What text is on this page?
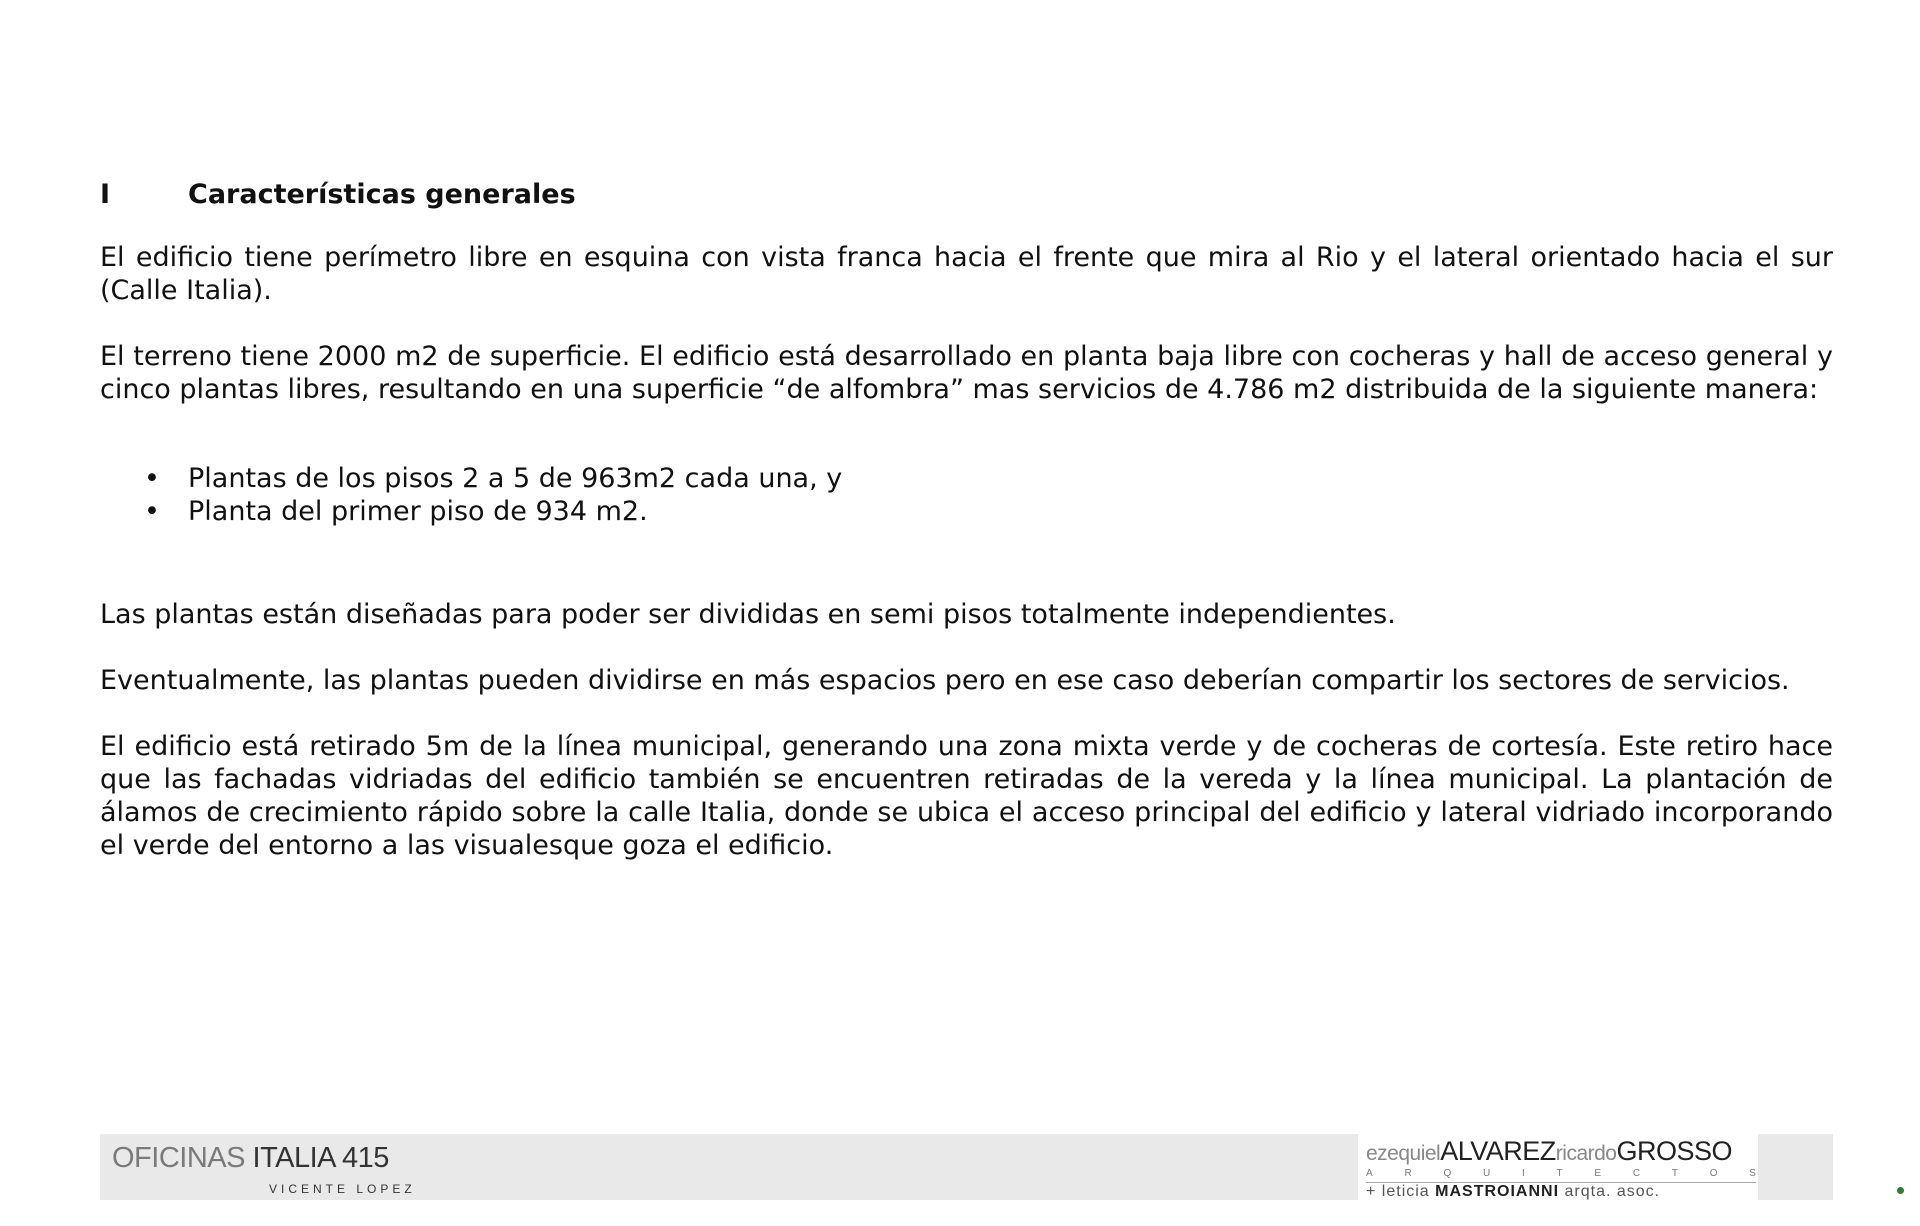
I	Características generales

El edificio tiene perímetro libre en esquina con vista franca hacia el frente que mira al Rio y el lateral orientado hacia el sur (Calle Italia).

El terreno tiene 2000 m2 de superficie. El edificio está desarrollado en planta baja libre con cocheras y hall de acceso general y cinco plantas libres, resultando en una superficie “de alfombra” mas servicios de 4.786 m2 distribuida de la siguiente manera:

• Plantas de los pisos 2 a 5 de 963m2 cada una, y
• Planta del primer piso de 934 m2.

Las plantas están diseñadas para poder ser divididas en semi pisos totalmente independientes.

Eventualmente, las plantas pueden dividirse en más espacios pero en ese caso deberían compartir los sectores de servicios.

El edificio está retirado 5m de la línea municipal, generando una zona mixta verde y de cocheras de cortesía. Este retiro hace que las fachadas vidriadas del edificio también se encuentren retiradas de la vereda y la línea municipal. La plantación de álamos de crecimiento rápido sobre la calle Italia, donde se ubica el acceso principal del edificio y lateral vidriado incorporando el verde del entorno a las visualesque goza el edificio.

OFICINAS ITALIA 415
VICENTE LOPEZ
ezequielALVAREZricardoGROSSO
A	R	Q	U	I	T	E	C	T	O	S
+ leticia MASTROIANNI arqta. asoc.
